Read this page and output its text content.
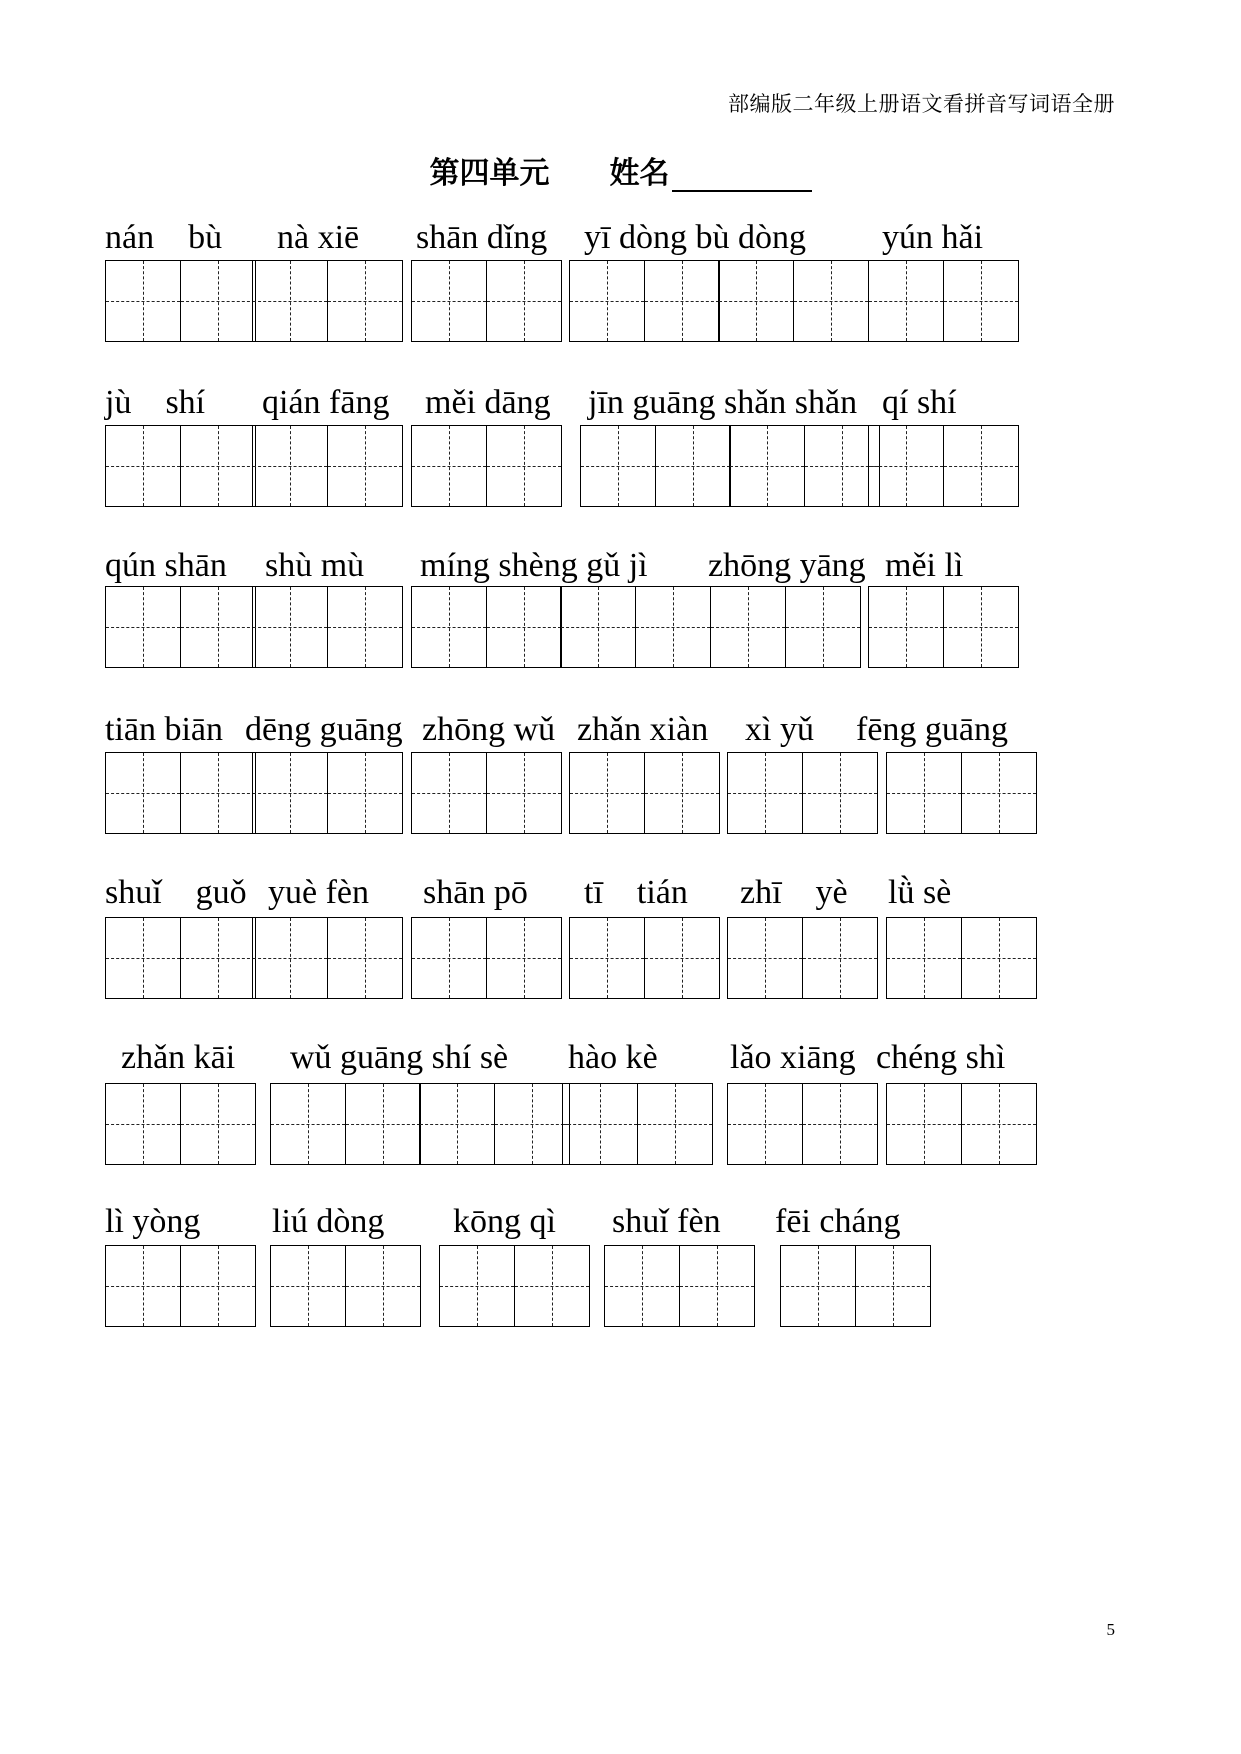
部编版二年级上册语文看拼音写词语全册
第四单元 姓名
nán    bù nà xiē shān dǐng yī dòng bù dòng yún hǎi
jù    shí qián fāng měi dāng jīn guāng shǎn shǎn qí shí
qún shān shù mù míng shèng gǔ jì zhōng yāng měi lì
tiān biān dēng guāng zhōng wǔ zhǎn xiàn xì yǔ fēng guāng
shuǐ    guǒ yuè fèn shān pō tī    tián zhī    yè lǜ sè
zhǎn kāi wǔ guāng shí sè hào kè lǎo xiāng chéng shì
lì yòng liú dòng kōng qì shuǐ fèn fēi cháng
5
